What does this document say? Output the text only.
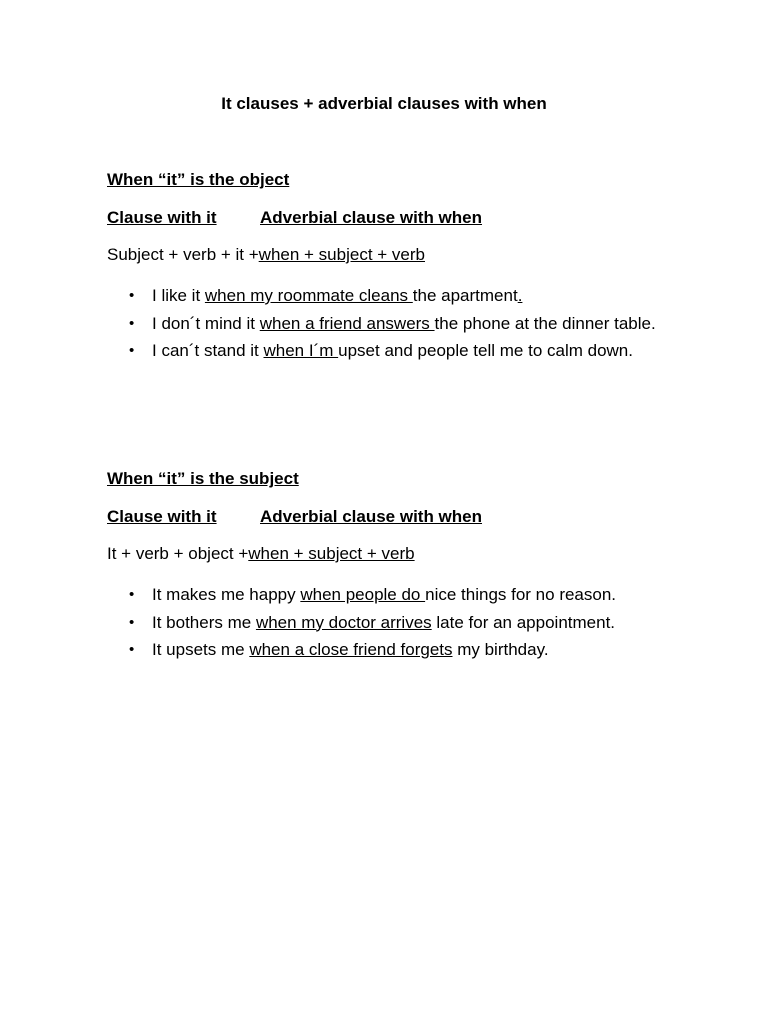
It clauses + adverbial clauses with when
When “it” is the object
Clause with it	Adverbial clause with when
Subject + verb + it +when + subject + verb
• I like it when my roommate cleans the apartment.
• I don´t mind it when a friend answers the phone at the dinner table.
• I can´t stand it when I´m upset and people tell me to calm down.
When “it” is the subject
Clause with it	Adverbial clause with when
It + verb + object +when + subject + verb
• It makes me happy when people do nice things for no reason.
• It bothers me when my doctor arrives late for an appointment.
• It upsets me when a close friend forgets my birthday.
